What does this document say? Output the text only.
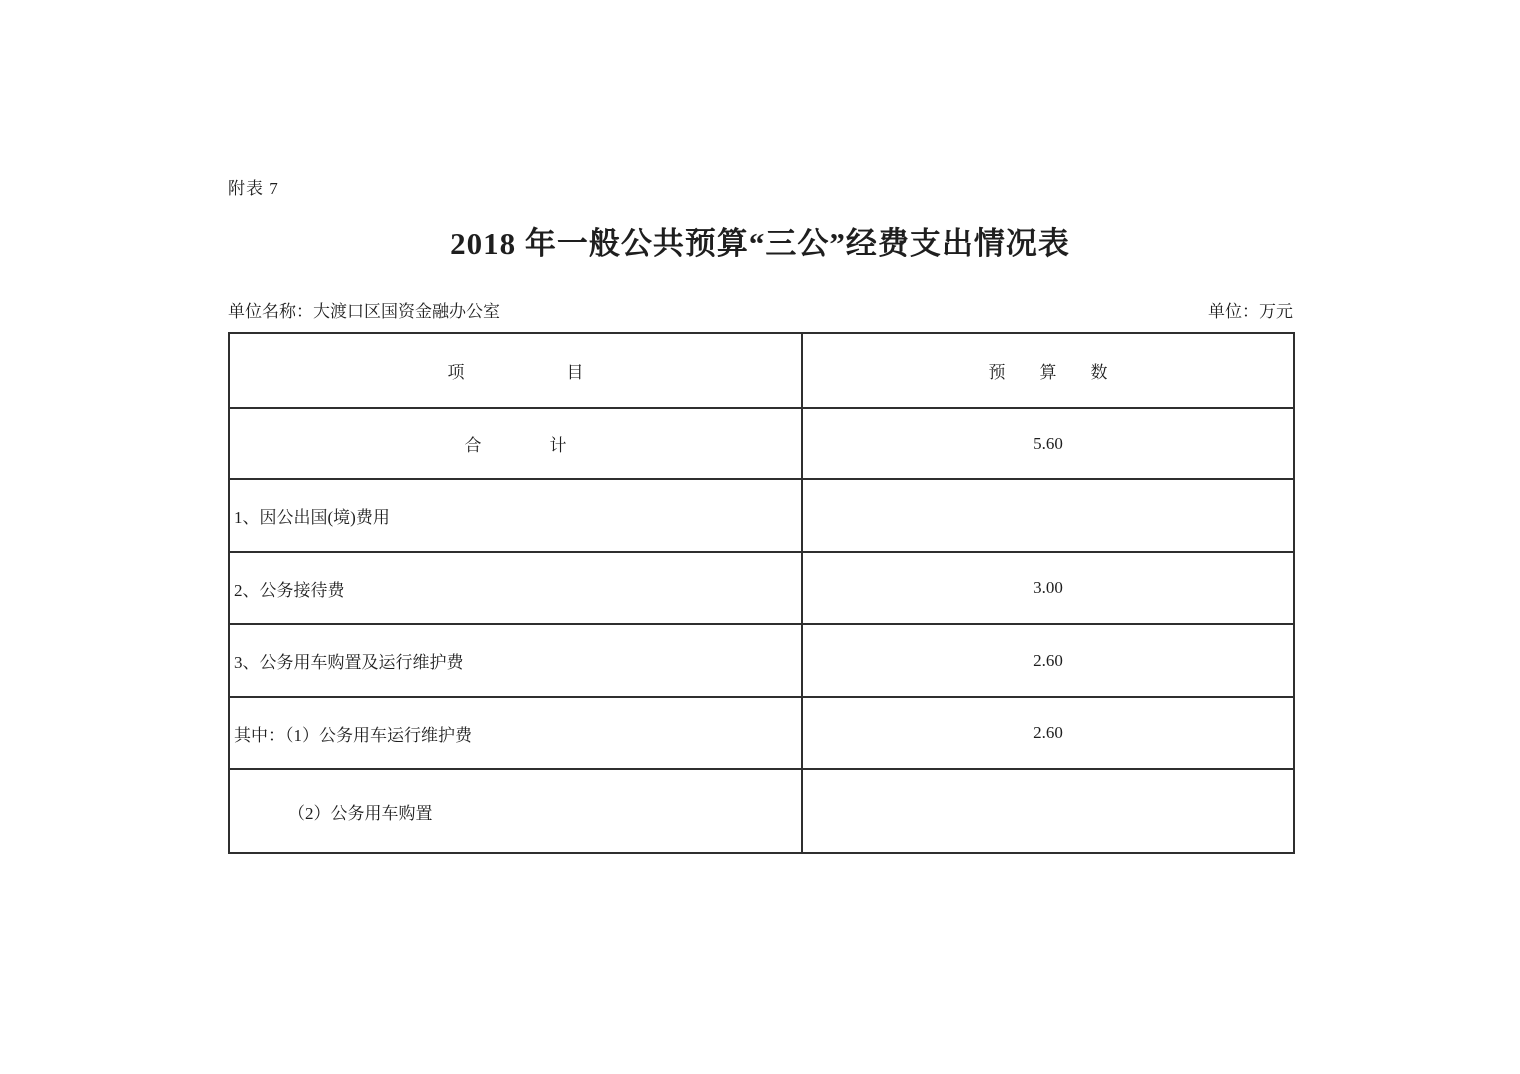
附表 7
2018 年一般公共预算“三公”经费支出情况表
单位名称：大渡口区国资金融办公室	单位：万元
项　　　　　　目	预　　算　　数
合　　　　计	5.60
1、因公出国(境)费用	
2、公务接待费	3.00
3、公务用车购置及运行维护费	2.60
其中：（1）公务用车运行维护费	2.60
（2）公务用车购置	
